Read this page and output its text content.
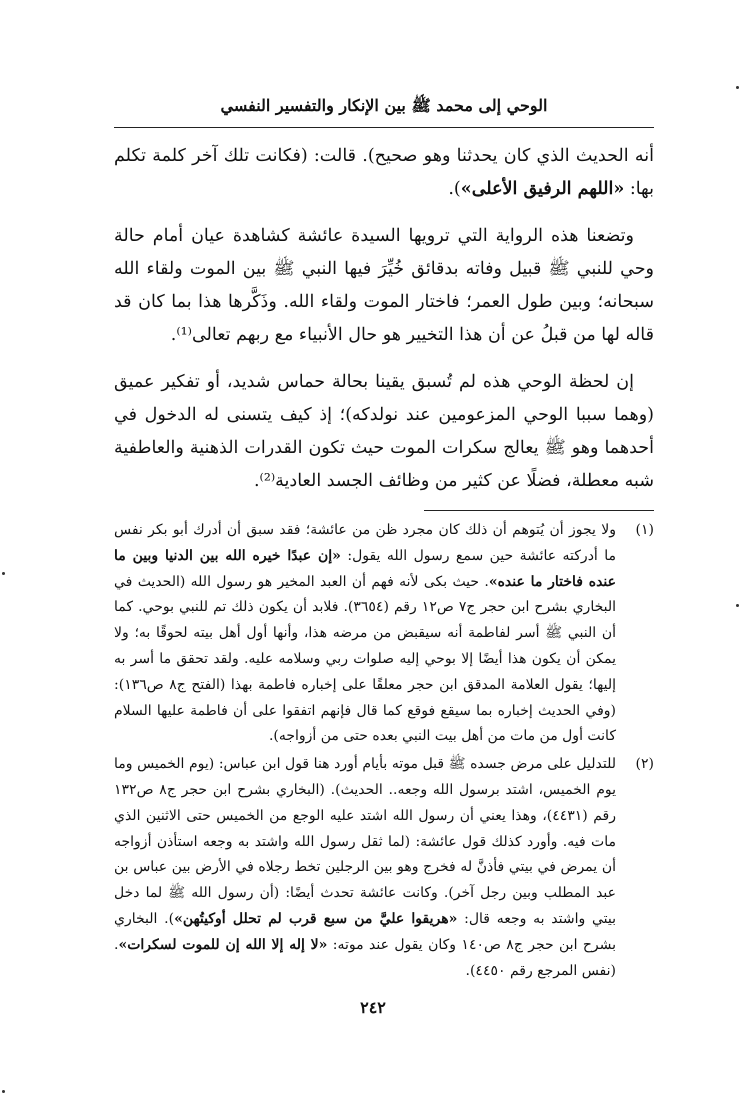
الوحي إلى محمد ﷺ بين الإنكار والتفسير النفسي

أنه الحديث الذي كان يحدثنا وهو صحيح). قالت: (فكانت تلك آخر كلمة تكلم بها: «اللهم الرفيق الأعلى»).

وتضعنا هذه الرواية التي ترويها السيدة عائشة كشاهدة عيان أمام حالة وحي للنبي ﷺ قبيل وفاته بدقائق خُيِّرَ فيها النبي ﷺ بين الموت ولقاء الله سبحانه؛ وبين طول العمر؛ فاختار الموت ولقاء الله. وذَكَّرها هذا بما كان قد قاله لها من قبلُ عن أن هذا التخيير هو حال الأنبياء مع ربهم تعالى⁽¹⁾.

إن لحظة الوحي هذه لم تُسبق يقينا بحالة حماس شديد، أو تفكير عميق (وهما سببا الوحي المزعومين عند نولدكه)؛ إذ كيف يتسنى له الدخول في أحدهما وهو ﷺ يعالج سكرات الموت حيث تكون القدرات الذهنية والعاطفية شبه معطلة، فضلًا عن كثير من وظائف الجسد العادية⁽²⁾.

(١)
ولا يجوز أن يُتوهم أن ذلك كان مجرد ظن من عائشة؛ فقد سبق أن أدرك أبو بكر نفس ما أدركته عائشة حين سمع رسول الله يقول: «إن عبدًا خيره الله بين الدنيا وبين ما عنده فاختار ما عنده». حيث بكى لأنه فهم أن العبد المخير هو رسول الله (الحديث في البخاري بشرح ابن حجر ج٧ ص١٢ رقم (٣٦٥٤). فلابد أن يكون ذلك تم للنبي بوحي. كما أن النبي ﷺ أسر لفاطمة أنه سيقبض من مرضه هذا، وأنها أول أهل بيته لحوقًا به؛ ولا يمكن أن يكون هذا أيضًا إلا بوحي إليه صلوات ربي وسلامه عليه. ولقد تحقق ما أسر به إليها؛ يقول العلامة المدقق ابن حجر معلقًا على إخباره فاطمة بهذا (الفتح ج٨ ص١٣٦): (وفي الحديث إخباره بما سيقع فوقع كما قال فإنهم اتفقوا على أن فاطمة عليها السلام كانت أول من مات من أهل بيت النبي بعده حتى من أزواجه).
(٢)
للتدليل على مرض جسده ﷺ قبل موته بأيام أورد هنا قول ابن عباس: (يوم الخميس وما يوم الخميس، اشتد برسول الله وجعه.. الحديث). (البخاري بشرح ابن حجر ج٨ ص١٣٢ رقم (٤٤٣١)، وهذا يعني أن رسول الله اشتد عليه الوجع من الخميس حتى الاثنين الذي مات فيه. وأورد كذلك قول عائشة: (لما ثقل رسول الله واشتد به وجعه استأذن أزواجه أن يمرض في بيتي فأذنَّ له فخرج وهو بين الرجلين تخط رجلاه في الأرض بين عباس بن عبد المطلب وبين رجل آخر). وكانت عائشة تحدث أيضًا: (أن رسول الله ﷺ لما دخل بيتي واشتد به وجعه قال: «هريقوا عليَّ من سبع قرب لم تحلل أوكيتُهن»). البخاري بشرح ابن حجر ج٨ ص١٤٠ وكان يقول عند موته: «لا إله إلا الله إن للموت لسكرات». (نفس المرجع رقم ٤٤٥٠).
٢٤٢
